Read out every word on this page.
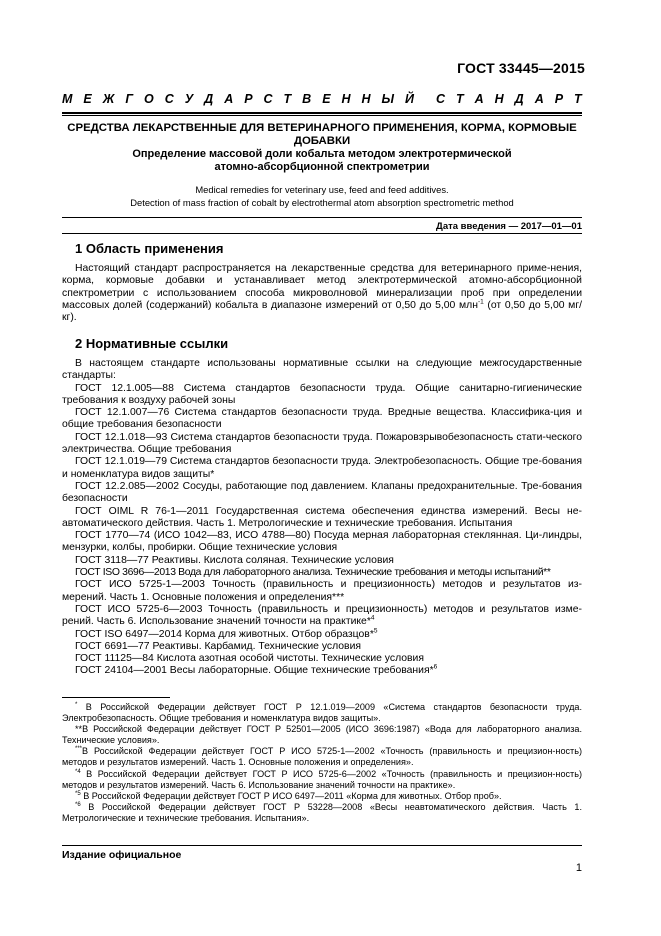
ГОСТ 33445—2015
М Е Ж Г О С У Д А Р С Т В Е Н Н Ы Й С Т А Н Д А Р Т
СРЕДСТВА ЛЕКАРСТВЕННЫЕ ДЛЯ ВЕТЕРИНАРНОГО ПРИМЕНЕНИЯ, КОРМА, КОРМОВЫЕ
ДОБАВКИ
Определение массовой доли кобальта методом электротермической
атомно-абсорбционной спектрометрии
Medical remedies for veterinary use, feed and feed additives.
Detection of mass fraction of cobalt by electrothermal atom absorption spectrometric method
Дата введения — 2017—01—01
1 Область применения

Настоящий стандарт распространяется на лекарственные средства для ветеринарного приме-нения, корма, кормовые добавки и устанавливает метод электротермической атомно-абсорбционной спектрометрии с использованием способа микроволновой минерализации проб при определении массовых долей (содержаний) кобальта в диапазоне измерений от 0,50 до 5,00 млн$^{-1}$ (от 0,50 до 5,00 мг/кг).

2 Нормативные ссылки

В настоящем стандарте использованы нормативные ссылки на следующие межгосударственные стандарты:

ГОСТ 12.1.005—88 Система стандартов безопасности труда. Общие санитарно-гигиенические требования к воздуху рабочей зоны

ГОСТ 12.1.007—76 Система стандартов безопасности труда. Вредные вещества. Классифика-ция и общие требования безопасности

ГОСТ 12.1.018—93 Система стандартов безопасности труда. Пожаровзрывобезопасность стати-ческого электричества. Общие требования

ГОСТ 12.1.019—79 Система стандартов безопасности труда. Электробезопасность. Общие тре-бования и номенклатура видов защиты*

ГОСТ 12.2.085—2002 Сосуды, работающие под давлением. Клапаны предохранительные. Тре-бования безопасности

ГОСТ OIML R 76-1—2011 Государственная система обеспечения единства измерений. Весы не-автоматического действия. Часть 1. Метрологические и технические требования. Испытания

ГОСТ 1770—74 (ИСО 1042—83, ИСО 4788—80) Посуда мерная лабораторная стеклянная. Ци-линдры, мензурки, колбы, пробирки. Общие технические условия

ГОСТ 3118—77 Реактивы. Кислота соляная. Технические условия

ГОСТ ISO 3696—2013 Вода для лабораторного анализа. Технические требования и методы испытаний**

ГОСТ ИСО 5725-1—2003 Точность (правильность и прецизионность) методов и результатов из-мерений. Часть 1. Основные положения и определения***

ГОСТ ИСО 5725-6—2003 Точность (правильность и прецизионность) методов и результатов изме-рений. Часть 6. Использование значений точности на практике*$^4$

ГОСТ ISO 6497—2014 Корма для животных. Отбор образцов*$^5$

ГОСТ 6691—77 Реактивы. Карбамид. Технические условия

ГОСТ 11125—84 Кислота азотная особой чистоты. Технические условия

ГОСТ 24104—2001 Весы лабораторные. Общие технические требования*$^6$

* В Российской Федерации действует ГОСТ Р 12.1.019—2009 «Система стандартов безопасности труда. Электробезопасность. Общие требования и номенклатура видов защиты».

**В Российской Федерации действует ГОСТ Р 52501—2005 (ИСО 3696:1987) «Вода для лабораторного анализа. Технические условия».

***В Российской Федерации действует ГОСТ Р ИСО 5725-1—2002 «Точность (правильность и прецизион-ность) методов и результатов измерений. Часть 1. Основные положения и определения».

$^{*4}$ В Российской Федерации действует ГОСТ Р ИСО 5725-6—2002 «Точность (правильность и прецизион-ность) методов и результатов измерений. Часть 6. Использование значений точности на практике».

$^{*5}$ В Российской Федерации действует ГОСТ Р ИСО 6497—2011 «Корма для животных. Отбор проб».

$^{*6}$ В Российской Федерации действует ГОСТ Р 53228—2008 «Весы неавтоматического действия. Часть 1. Метрологические и технические требования. Испытания».

Издание официальное
1
